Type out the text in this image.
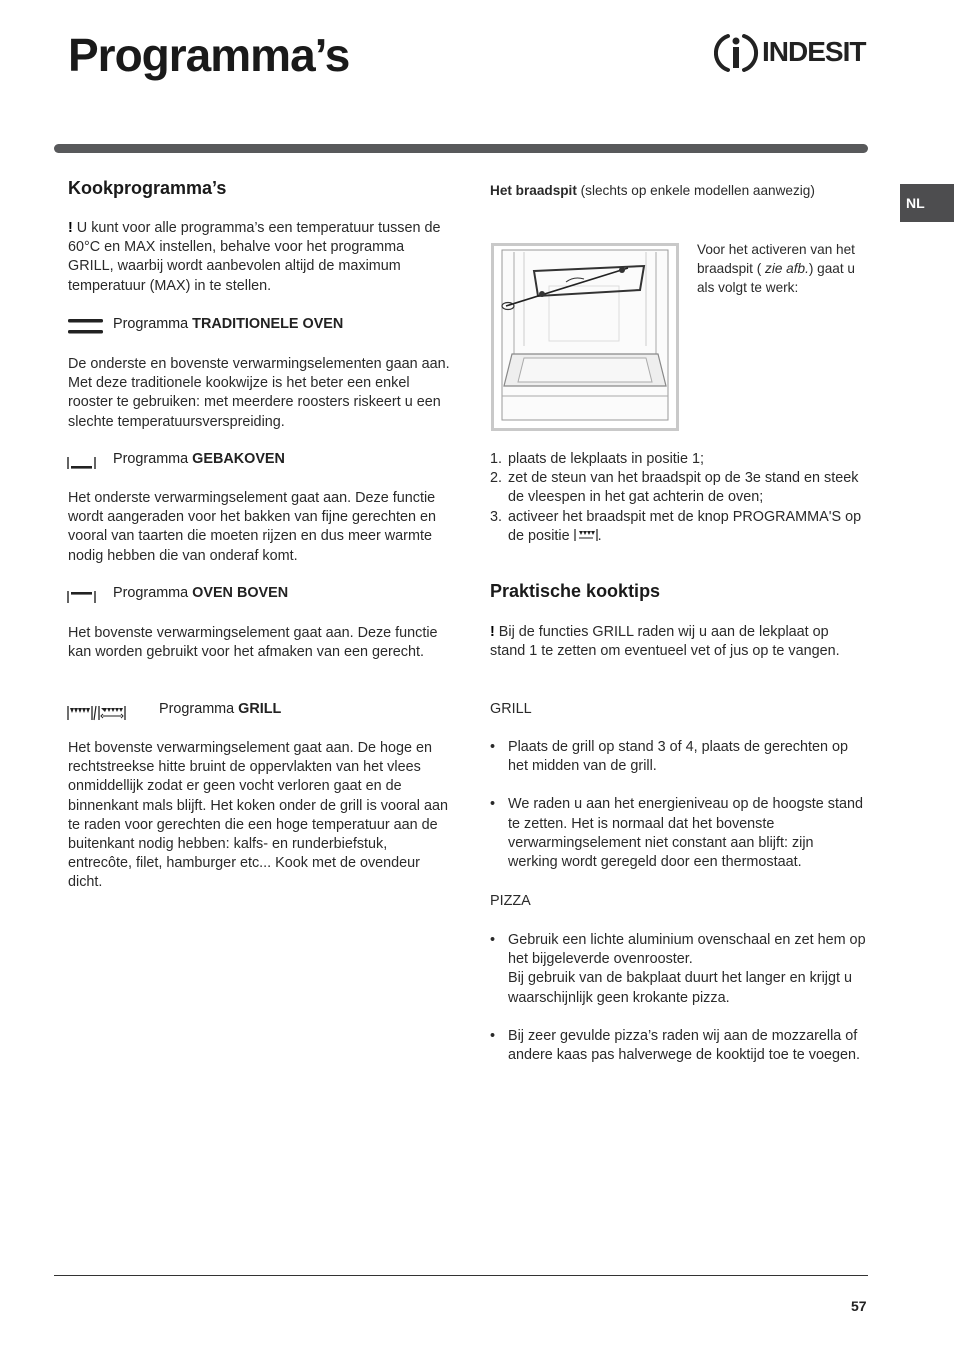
Programma’s	INDESIT
NL
Kookprogramma’s
! U kunt voor alle programma’s een temperatuur tussen de 60°C en MAX instellen, behalve voor het programma GRILL, waarbij wordt aanbevolen altijd de maximum temperatuur (MAX) in te stellen.
Programma TRADITIONELE OVEN
De onderste en bovenste verwarmingselementen gaan aan. Met deze traditionele kookwijze is het beter een enkel rooster te gebruiken: met meerdere roosters riskeert u een slechte temperatuursverspreiding.
Programma GEBAKOVEN
Het onderste verwarmingselement gaat aan. Deze functie wordt aangeraden voor het bakken van fijne gerechten en vooral van taarten die moeten rijzen en dus meer warmte nodig hebben die van onderaf komt.
Programma OVEN BOVEN
Het bovenste verwarmingselement gaat aan. Deze functie kan worden gebruikt voor het afmaken van een gerecht.
Programma GRILL
Het bovenste verwarmingselement gaat aan. De hoge en rechtstreekse hitte bruint de oppervlakten van het vlees onmiddellijk zodat er geen vocht verloren gaat en de binnenkant mals blijft. Het koken onder de grill is vooral aan te raden voor gerechten die een hoge temperatuur aan de buitenkant nodig hebben: kalfs- en runderbiefstuk, entrecôte, filet, hamburger etc... Kook met de ovendeur dicht.
Het braadspit (slechts op enkele modellen aanwezig)
Voor het activeren van het braadspit ( zie afb.) gaat u als volgt te werk:
1. plaats de lekplaats in positie 1;
2. zet de steun van het braadspit op de 3e stand en steek de vleespen in het gat achterin de oven;
3. activeer het braadspit met de knop PROGRAMMA'S op de positie .
Praktische kooktips
! Bij de functies GRILL raden wij u aan de lekplaat op stand 1 te zetten om eventueel vet of jus op te vangen.
GRILL
• Plaats de grill op stand 3 of 4, plaats de gerechten op het midden van de grill.
• We raden u aan het energieniveau op de hoogste stand te zetten. Het is normaal dat het bovenste verwarmingselement niet constant aan blijft: zijn werking wordt geregeld door een thermostaat.
PIZZA
• Gebruik een lichte aluminium ovenschaal en zet hem op het bijgeleverde ovenrooster.
Bij gebruik van de bakplaat duurt het langer en krijgt u waarschijnlijk geen krokante pizza.
• Bij zeer gevulde pizza’s raden wij aan de mozzarella of andere kaas pas halverwege de kooktijd toe te voegen.
57
